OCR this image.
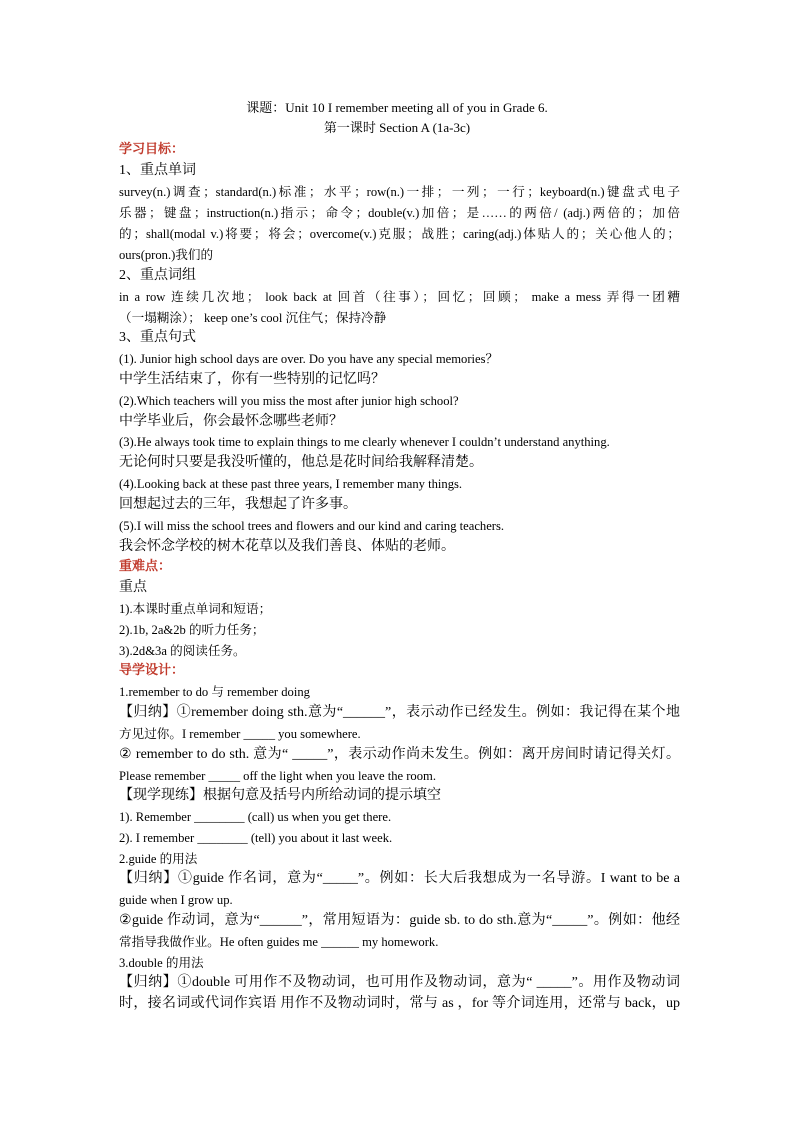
课题：Unit 10 I remember meeting all of you in Grade 6.
第一课时 Section A (1a-3c)
学习目标：
1、重点单词
survey(n.)调查；standard(n.)标准；水平；row(n.)一排；一列；一行；keyboard(n.)键盘式电子
乐器；键盘；instruction(n.)指示；命令；double(v.)加倍；是……的两倍/ (adj.)两倍的；加倍
的；shall(modal v.)将要；将会；overcome(v.)克服；战胜；caring(adj.)体贴人的；关心他人的；
ours(pron.)我们的
2、重点词组
in a row 连续几次地； look back at 回首（往事）；回忆；回顾； make a mess 弄得一团糟
（一塌糊涂）； keep one’s cool 沉住气；保持冷静
3、重点句式
(1). Junior high school days are over. Do you have any special memories？
中学生活结束了，你有一些特别的记忆吗？
(2).Which teachers will you miss the most after junior high school?
中学毕业后，你会最怀念哪些老师？
(3).He always took time to explain things to me clearly whenever I couldn’t understand anything.
无论何时只要是我没听懂的，他总是花时间给我解释清楚。
(4).Looking back at these past three years, I remember many things.
回想起过去的三年，我想起了许多事。
(5).I will miss the school trees and flowers and our kind and caring teachers.
我会怀念学校的树木花草以及我们善良、体贴的老师。
重难点：
重点
1).本课时重点单词和短语；
2).1b, 2a&2b 的听力任务；
3).2d&3a 的阅读任务。
导学设计：
1.remember to do 与 remember doing
【归纳】①remember doing sth.意为“______”，表示动作已经发生。例如：我记得在某个地
方见过你。I remember _____ you somewhere.
② remember to do sth. 意为“ _____”，表示动作尚未发生。例如：离开房间时请记得关灯。
Please remember _____ off the light when you leave the room.
【现学现练】根据句意及括号内所给动词的提示填空
1). Remember ________ (call) us when you get there.
2). I remember ________ (tell) you about it last week.
2.guide 的用法
【归纳】①guide 作名词，意为“_____”。例如：长大后我想成为一名导游。I want to be a
guide when I grow up.
②guide 作动词，意为“______”，常用短语为：guide sb. to do sth.意为“_____”。例如：他经
常指导我做作业。He often guides me ______ my homework.
3.double 的用法
【归纳】①double 可用作不及物动词，也可用作及物动词，意为“ _____”。用作及物动词
时，接名词或代词作宾语 用作不及物动词时，常与 as ，for 等介词连用，还常与 back，up
